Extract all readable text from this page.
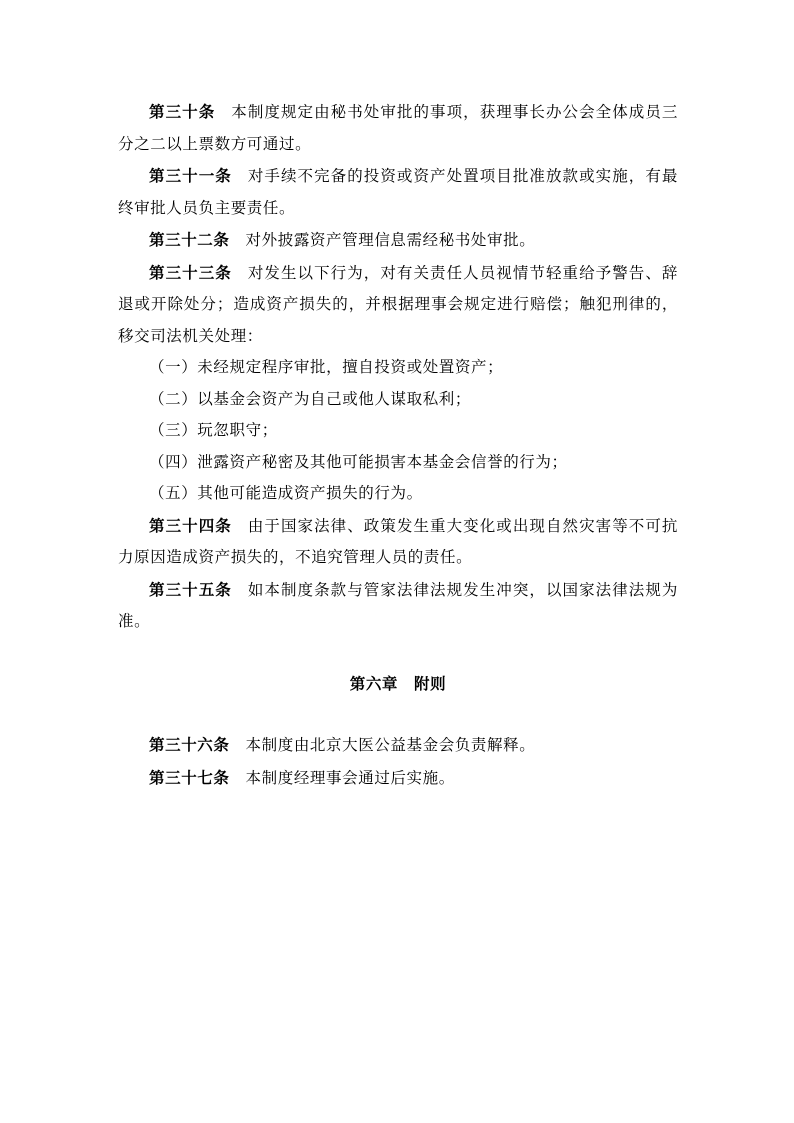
第三十条 本制度规定由秘书处审批的事项，获理事长办公会全体成员三分之二以上票数方可通过。

第三十一条 对手续不完备的投资或资产处置项目批准放款或实施，有最终审批人员负主要责任。

第三十二条 对外披露资产管理信息需经秘书处审批。

第三十三条 对发生以下行为，对有关责任人员视情节轻重给予警告、辞退或开除处分；造成资产损失的，并根据理事会规定进行赔偿；触犯刑律的，移交司法机关处理：

（一）未经规定程序审批，擅自投资或处置资产；

（二）以基金会资产为自己或他人谋取私利；

（三）玩忽职守；

（四）泄露资产秘密及其他可能损害本基金会信誉的行为；

（五）其他可能造成资产损失的行为。

第三十四条 由于国家法律、政策发生重大变化或出现自然灾害等不可抗力原因造成资产损失的，不追究管理人员的责任。

第三十五条 如本制度条款与管家法律法规发生冲突，以国家法律法规为准。

第六章 附则

第三十六条 本制度由北京大医公益基金会负责解释。

第三十七条 本制度经理事会通过后实施。
